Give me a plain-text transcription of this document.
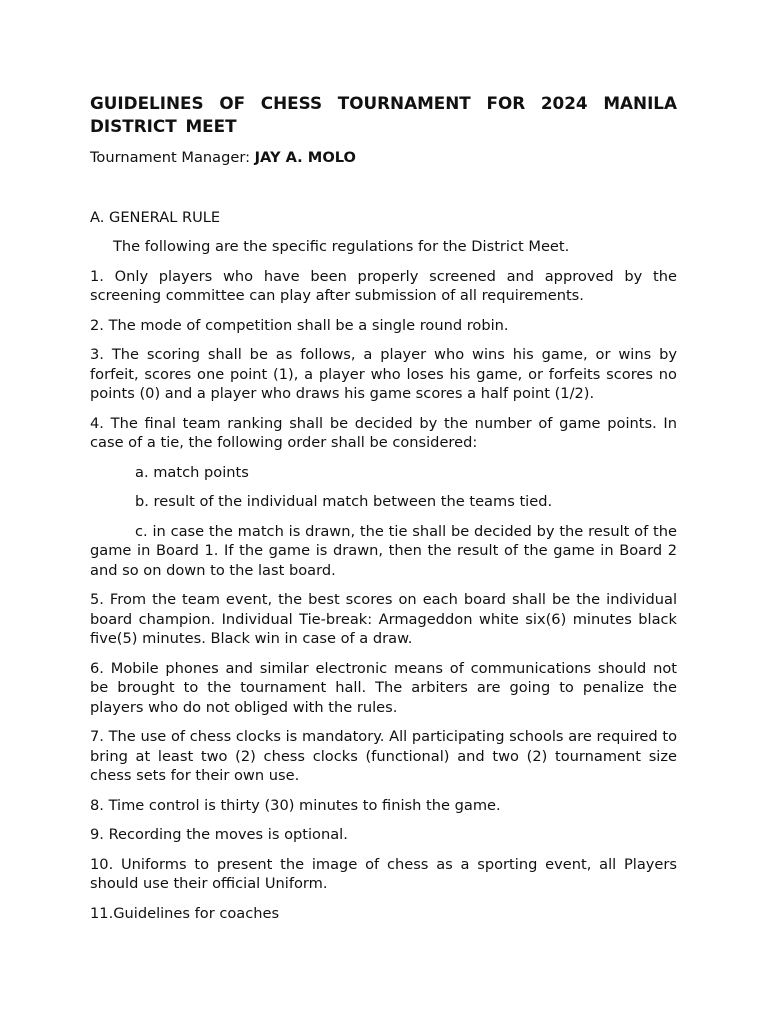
GUIDELINES OF CHESS TOURNAMENT FOR 2024 MANILA DISTRICT MEET

Tournament Manager: JAY A. MOLO

A. GENERAL RULE

The following are the specific regulations for the District Meet.

1. Only players who have been properly screened and approved by the screening committee can play after submission of all requirements.

2. The mode of competition shall be a single round robin.

3. The scoring shall be as follows, a player who wins his game, or wins by forfeit, scores one point (1), a player who loses his game, or forfeits scores no points (0) and a player who draws his game scores a half point (1/2).

4. The final team ranking shall be decided by the number of game points. In case of a tie, the following order shall be considered:

a. match points

b. result of the individual match between the teams tied.

c. in case the match is drawn, the tie shall be decided by the result of the game in Board 1. If the game is drawn, then the result of the game in Board 2 and so on down to the last board.

5. From the team event, the best scores on each board shall be the individual board champion. Individual Tie-break: Armageddon white six(6) minutes black five(5) minutes. Black win in case of a draw.

6. Mobile phones and similar electronic means of communications should not be brought to the tournament hall. The arbiters are going to penalize the players who do not obliged with the rules.

7. The use of chess clocks is mandatory. All participating schools are required to bring at least two (2) chess clocks (functional) and two (2) tournament size chess sets for their own use.

8. Time control is thirty (30) minutes to finish the game.

9. Recording the moves is optional.

10. Uniforms to present the image of chess as a sporting event, all Players should use their official Uniform.

11.Guidelines for coaches
